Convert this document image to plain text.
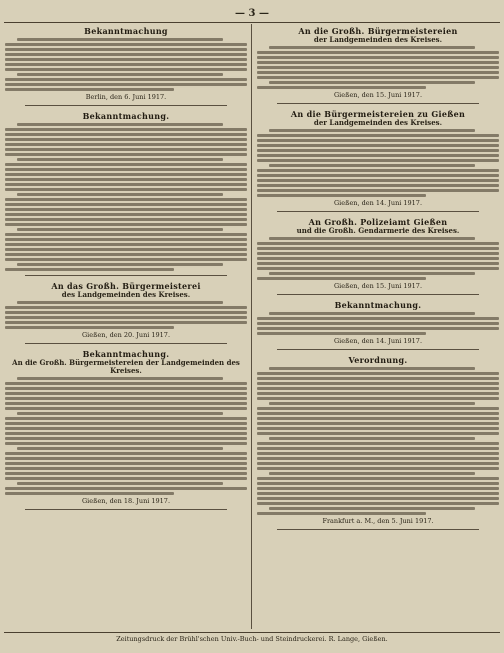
— 3 —
Bekanntmachung
Berlin, den 6. Juni 1917.
Bekanntmachung.
An das Großh. Bürgermeisterei
des Landgemeinden des Kreises.
Gießen, den 20. Juni 1917.
Bekanntmachung.
An die Großh. Bürgermeistereien der Landgemeinden des Kreises.
Gießen, den 18. Juni 1917.
An die Großh. Bürgermeistereien
der Landgemeinden des Kreises.
Gießen, den 15. Juni 1917.
An die Bürgermeistereien zu Gießen
der Landgemeinden des Kreises.
Gießen, den 14. Juni 1917.
An Großh. Polizeiamt Gießen
und die Großh. Gendarmerie des Kreises.
Gießen, den 15. Juni 1917.
Bekanntmachung.
Gießen, den 14. Juni 1917.
Verordnung.
Frankfurt a. M., den 5. Juni 1917.
Zeitungsdruck der Brühl'schen Univ.-Buch- und Steindruckerei. R. Lange, Gießen.
